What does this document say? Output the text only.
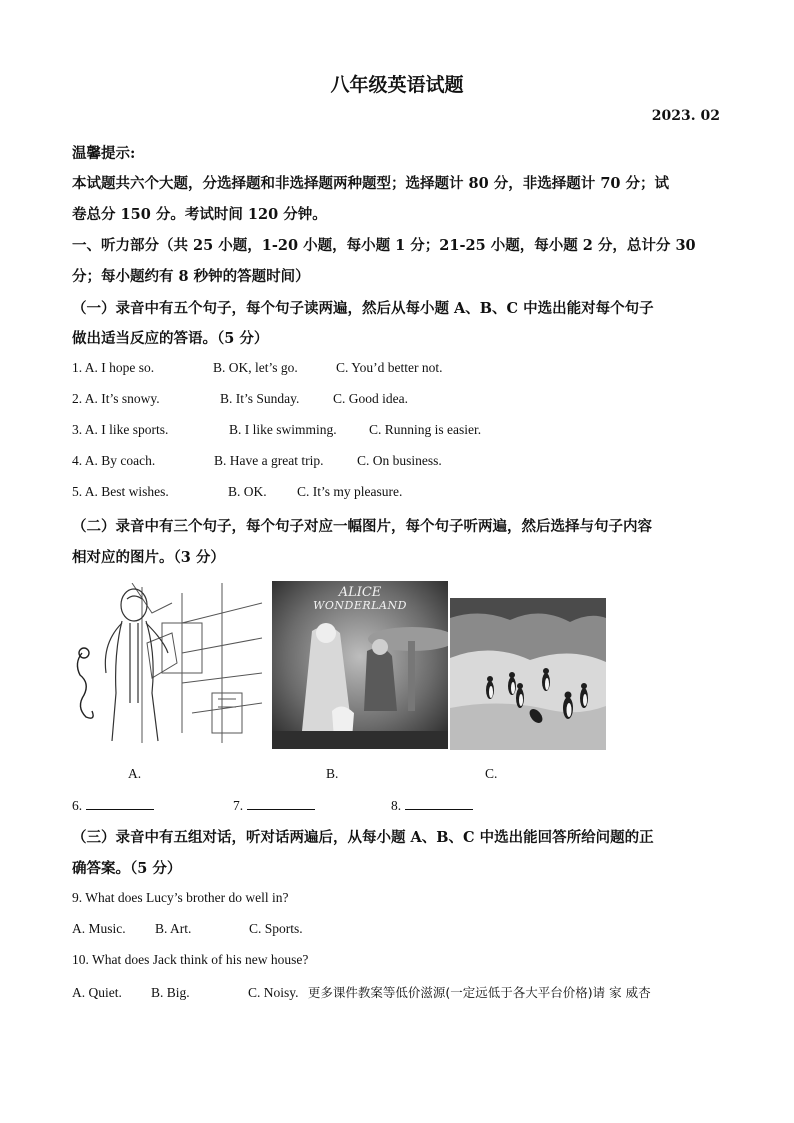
八年级英语试题
2023. 02
温馨提示:
本试题共六个大题，分选择题和非选择题两种题型；选择题计 80 分，非选择题计 70 分；试
卷总分 150 分。考试时间 120 分钟。
一、听力部分（共 25 小题，1-20 小题，每小题 1 分；21-25 小题，每小题 2 分，总计分 30
分；每小题约有 8 秒钟的答题时间）
（一）录音中有五个句子，每个句子读两遍，然后从每小题 A、B、C 中选出能对每个句子
做出适当反应的答语。（5 分）
1. A. I hope so.	B. OK, let’s go.	C. You’d better not.
2. A. It’s snowy.	B. It’s Sunday. C. Good idea.
3. A. I like sports.	B. I like swimming. C. Running is easier.
4. A. By coach.	B. Have a great trip. C. On business.
5. A. Best wishes.	B. OK. C. It’s my pleasure.
（二）录音中有三个句子，每个句子对应一幅图片，每个句子听两遍，然后选择与句子内容
相对应的图片。（3 分）
ALICE
WONDERLAND
A.	B.	C.
6.	7.	8.
（三）录音中有五组对话，听对话两遍后，从每小题 A、B、C 中选出能回答所给问题的正
确答案。（5 分）
9. What does Lucy’s brother do well in?
A. Music. B. Art.	C. Sports.
10. What does Jack think of his new house?
A. Quiet. B. Big.	C. Noisy. 更多课件教案等低价滋源(一定远低于各大平台价格)请 家 威杏
